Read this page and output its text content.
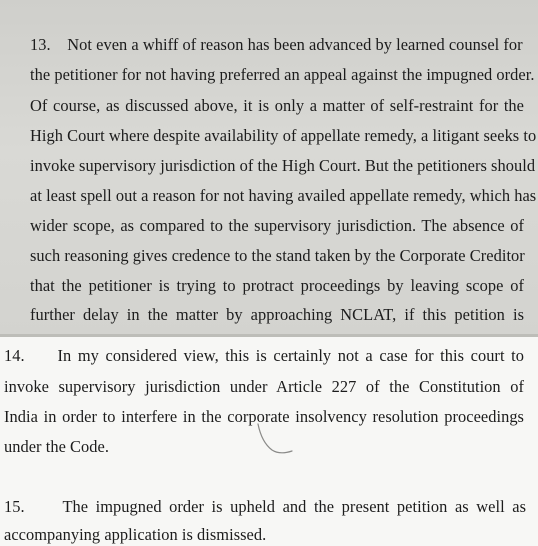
13. Not even a whiff of reason has been advanced by learned counsel for
the petitioner for not having preferred an appeal against the impugned order.
Of course, as discussed above, it is only a matter of self-restraint for the
High Court where despite availability of appellate remedy, a litigant seeks to
invoke supervisory jurisdiction of the High Court. But the petitioners should
at least spell out a reason for not having availed appellate remedy, which has
wider scope, as compared to the supervisory jurisdiction. The absence of
such reasoning gives credence to the stand taken by the Corporate Creditor
that the petitioner is trying to protract proceedings by leaving scope of
further delay in the matter by approaching NCLAT, if this petition is
14. In my considered view, this is certainly not a case for this court to
invoke supervisory jurisdiction under Article 227 of the Constitution of
India in order to interfere in the corporate insolvency resolution proceedings
under the Code.
15. The impugned order is upheld and the present petition as well as
accompanying application is dismissed.
